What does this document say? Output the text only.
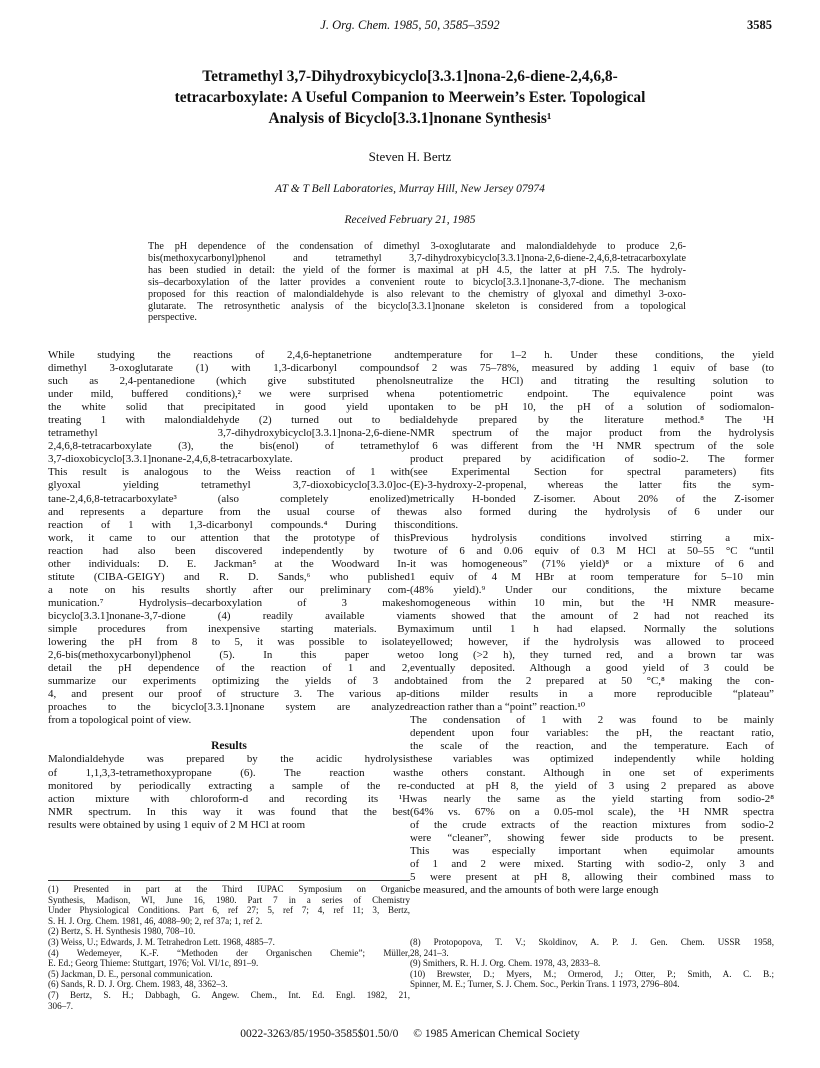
J. Org. Chem. 1985, 50, 3585–3592	3585
Tetramethyl 3,7-Dihydroxybicyclo[3.3.1]nona-2,6-diene-2,4,6,8-
tetracarboxylate: A Useful Companion to Meerwein’s Ester. Topological
Analysis of Bicyclo[3.3.1]nonane Synthesis¹
Steven H. Bertz
AT & T Bell Laboratories, Murray Hill, New Jersey 07974
Received February 21, 1985
The pH dependence of the condensation of dimethyl 3-oxoglutarate and malondialdehyde to produce 2,6-
bis(methoxycarbonyl)phenol and tetramethyl 3,7-dihydroxybicyclo[3.3.1]nona-2,6-diene-2,4,6,8-tetracarboxylate
has been studied in detail: the yield of the former is maximal at pH 4.5, the latter at pH 7.5. The hydroly-
sis–decarboxylation of the latter provides a convenient route to bicyclo[3.3.1]nonane-3,7-dione. The mechanism
proposed for this reaction of malondialdehyde is also relevant to the chemistry of glyoxal and dimethyl 3-oxo-
glutarate. The retrosynthetic analysis of the bicyclo[3.3.1]nonane skeleton is considered from a topological
perspective.
While studying the reactions of 2,4,6-heptanetrione and
dimethyl 3-oxoglutarate (1) with 1,3-dicarbonyl compounds
such as 2,4-pentanedione (which give substituted phenols
under mild, buffered conditions),² we were surprised when
the white solid that precipitated in good yield upon
treating 1 with malondialdehyde (2) turned out to be
tetramethyl 3,7-dihydroxybicyclo[3.3.1]nona-2,6-diene-
2,4,6,8-tetracarboxylate (3), the bis(enol) of tetramethyl
3,7-dioxobicyclo[3.3.1]nonane-2,4,6,8-tetracarboxylate.
This result is analogous to the Weiss reaction of 1 with
glyoxal yielding tetramethyl 3,7-dioxobicyclo[3.3.0]oc-
tane-2,4,6,8-tetracarboxylate³ (also completely enolized)
and represents a departure from the usual course of the
reaction of 1 with 1,3-dicarbonyl compounds.⁴ During this
work, it came to our attention that the prototype of this
reaction had also been discovered independently by two
other individuals: D. E. Jackman⁵ at the Woodward In-
stitute (CIBA-GEIGY) and R. D. Sands,⁶ who published
a note on his results shortly after our preliminary com-
munication.⁷ Hydrolysis–decarboxylation of 3 makes
bicyclo[3.3.1]nonane-3,7-dione (4) readily available via
simple procedures from inexpensive starting materials. By
lowering the pH from 8 to 5, it was possible to isolate
2,6-bis(methoxycarbonyl)phenol (5). In this paper we
detail the pH dependence of the reaction of 1 and 2,
summarize our experiments optimizing the yields of 3 and
4, and present our proof of structure 3. The various ap-
proaches to the bicyclo[3.3.1]nonane system are analyzed
from a topological point of view.
Results
Malondialdehyde was prepared by the acidic hydrolysis
of 1,1,3,3-tetramethoxypropane (6). The reaction was
monitored by periodically extracting a sample of the re-
action mixture with chloroform-d and recording its ¹H
NMR spectrum. In this way it was found that the best
results were obtained by using 1 equiv of 2 M HCl at room
temperature for 1–2 h. Under these conditions, the yield
of 2 was 75–78%, measured by adding 1 equiv of base (to
neutralize the HCl) and titrating the resulting solution to
a potentiometric endpoint. The equivalence point was
taken to be pH 10, the pH of a solution of sodiomalon-
dialdehyde prepared by the literature method.⁸ The ¹H
NMR spectrum of the major product from the hydrolysis
of 6 was different from the ¹H NMR spectrum of the sole
product prepared by acidification of sodio-2. The former
(see Experimental Section for spectral parameters) fits
(E)-3-hydroxy-2-propenal, whereas the latter fits the sym-
metrically H-bonded Z-isomer. About 20% of the Z-isomer
was also formed during the hydrolysis of 6 under our
conditions.
Previous hydrolysis conditions involved stirring a mix-
ture of 6 and 0.06 equiv of 0.3 M HCl at 50–55 °C “until
it was homogeneous” (71% yield)⁸ or a mixture of 6 and
1 equiv of 4 M HBr at room temperature for 5–10 min
(48% yield).⁹ Under our conditions, the mixture became
homogeneous within 10 min, but the ¹H NMR measure-
ments showed that the amount of 2 had not reached its
maximum until 1 h had elapsed. Normally the solutions
yellowed; however, if the hydrolysis was allowed to proceed
too long (>2 h), they turned red, and a brown tar was
eventually deposited. Although a good yield of 3 could be
obtained from the 2 prepared at 50 °C,⁸ making the con-
ditions milder results in a more reproducible “plateau”
reaction rather than a “point” reaction.¹⁰
The condensation of 1 with 2 was found to be mainly
dependent upon four variables: the pH, the reactant ratio,
the scale of the reaction, and the temperature. Each of
these variables was optimized independently while holding
the others constant. Although in one set of experiments
conducted at pH 8, the yield of 3 using 2 prepared as above
was nearly the same as the yield starting from sodio-2⁸
(64% vs. 67% on a 0.05-mol scale), the ¹H NMR spectra
of the crude extracts of the reaction mixtures from sodio-2
were “cleaner”, showing fewer side products to be present.
This was especially important when equimolar amounts
of 1 and 2 were mixed. Starting with sodio-2, only 3 and
5 were present at pH 8, allowing their combined mass to
be measured, and the amounts of both were large enough
(1) Presented in part at the Third IUPAC Symposium on Organic
Synthesis, Madison, WI, June 16, 1980. Part 7 in a series of Chemistry
Under Physiological Conditions. Part 6, ref 27; 5, ref 7; 4, ref 11; 3, Bertz,
S. H. J. Org. Chem. 1981, 46, 4088–90; 2, ref 37a; 1, ref 2.
(2) Bertz, S. H. Synthesis 1980, 708–10.
(3) Weiss, U.; Edwards, J. M. Tetrahedron Lett. 1968, 4885–7.
(4) Wedemeyer, K.-F. “Methoden der Organischen Chemie”; Müller,
E. Ed.; Georg Thieme: Stuttgart, 1976; Vol. VI/1c, 891–9.
(5) Jackman, D. E., personal communication.
(6) Sands, R. D. J. Org. Chem. 1983, 48, 3362–3.
(7) Bertz, S. H.; Dabbagh, G. Angew. Chem., Int. Ed. Engl. 1982, 21,
306–7.
(8) Protopopova, T. V.; Skoldinov, A. P. J. Gen. Chem. USSR 1958,
28, 241–3.
(9) Smithers, R. H. J. Org. Chem. 1978, 43, 2833–8.
(10) Brewster, D.; Myers, M.; Ormerod, J.; Otter, P.; Smith, A. C. B.;
Spinner, M. E.; Turner, S. J. Chem. Soc., Perkin Trans. 1 1973, 2796–804.
0022-3263/85/1950-3585$01.50/0 © 1985 American Chemical Society
